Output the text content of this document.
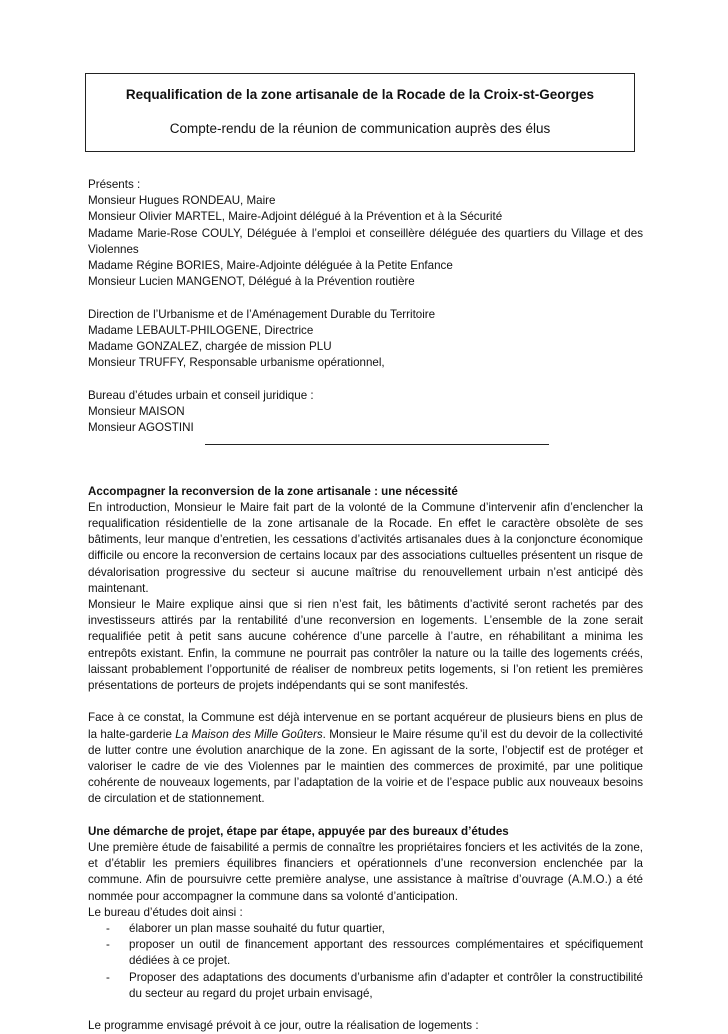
Requalification de la zone artisanale de la Rocade de la Croix-st-Georges
Compte-rendu de la réunion de communication auprès des élus

Présents :

Monsieur Hugues RONDEAU, Maire

Monsieur Olivier MARTEL, Maire-Adjoint délégué à la Prévention et à la Sécurité

Madame Marie-Rose COULY, Déléguée à l’emploi et conseillère déléguée des quartiers du Village et des Violennes

Madame Régine BORIES, Maire-Adjointe déléguée à la Petite Enfance

Monsieur Lucien MANGENOT, Délégué à la Prévention routière

Direction de l’Urbanisme et de l’Aménagement Durable du Territoire

Madame LEBAULT-PHILOGENE, Directrice

Madame GONZALEZ, chargée de mission PLU

Monsieur TRUFFY, Responsable urbanisme opérationnel,

Bureau d’études urbain et conseil juridique :

Monsieur MAISON

Monsieur AGOSTINI

Accompagner la reconversion de la zone artisanale : une nécessité

En introduction, Monsieur le Maire fait part de la volonté de la Commune d’intervenir afin d’enclencher la requalification résidentielle de la zone artisanale de la Rocade. En effet le caractère obsolète de ses bâtiments, leur manque d’entretien, les cessations d’activités artisanales dues à la conjoncture économique difficile ou encore la reconversion de certains locaux par des associations cultuelles présentent un risque de dévalorisation progressive du secteur si aucune maîtrise du renouvellement urbain n’est anticipé dès maintenant.

Monsieur le Maire explique ainsi que si rien n’est fait, les bâtiments d’activité seront rachetés par des investisseurs attirés par la rentabilité d’une reconversion en logements. L’ensemble de la zone serait requalifiée petit à petit sans aucune cohérence d’une parcelle à l’autre, en réhabilitant a minima les entrepôts existant. Enfin, la commune ne pourrait pas contrôler la nature ou la taille des logements créés, laissant probablement l’opportunité de réaliser de nombreux petits logements, si l’on retient les premières présentations de porteurs de projets indépendants qui se sont manifestés.

Face à ce constat, la Commune est déjà intervenue en se portant acquéreur de plusieurs biens en plus de la halte-garderie La Maison des Mille Goûters. Monsieur le Maire résume qu’il est du devoir de la collectivité de lutter contre une évolution anarchique de la zone. En agissant de la sorte, l’objectif est de protéger et valoriser le cadre de vie des Violennes par le maintien des commerces de proximité, par une politique cohérente de nouveaux logements, par l’adaptation de la voirie et de l’espace public aux nouveaux besoins de circulation et de stationnement.

Une démarche de projet, étape par étape, appuyée par des bureaux d’études

Une première étude de faisabilité a permis de connaître les propriétaires fonciers et les activités de la zone, et d’établir les premiers équilibres financiers et opérationnels d’une reconversion enclenchée par la commune. Afin de poursuivre cette première analyse, une assistance à maîtrise d’ouvrage (A.M.O.) a été nommée pour accompagner la commune dans sa volonté d’anticipation.

Le bureau d’études doit ainsi :

- élaborer un plan masse souhaité du futur quartier,
- proposer un outil de financement apportant des ressources complémentaires et spécifiquement dédiées à ce projet.
- Proposer des adaptations des documents d’urbanisme afin d’adapter et contrôler la constructibilité du secteur au regard du projet urbain envisagé,

Le programme envisagé prévoit à ce jour, outre la réalisation de logements :
